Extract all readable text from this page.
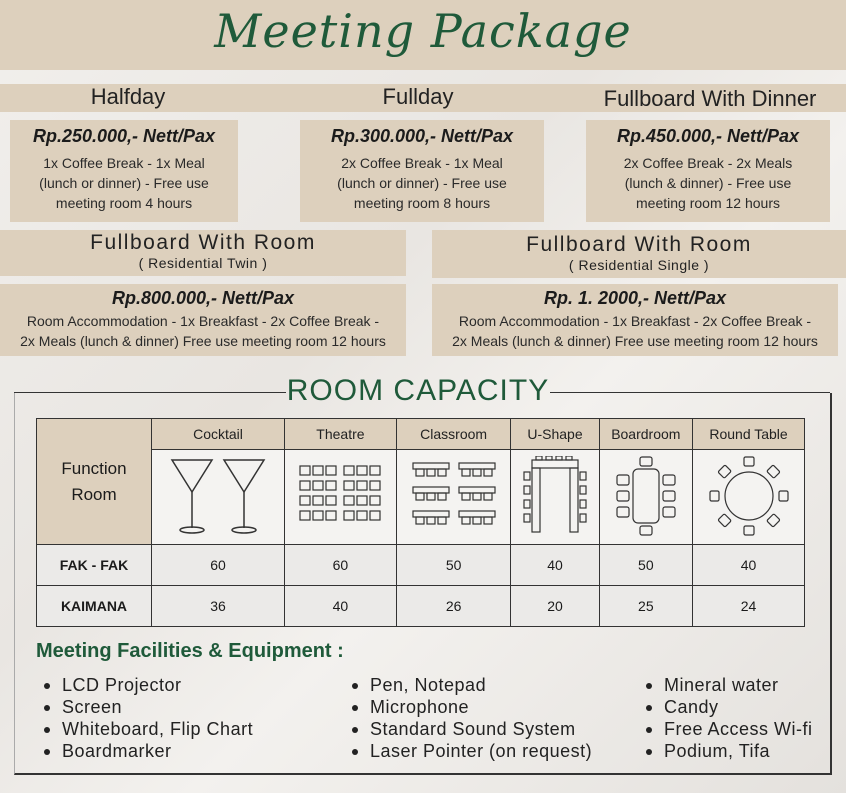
Meeting Package
Halfday	Fullday	Fullboard With Dinner
Rp.250.000,- Nett/Pax
1x Coffee Break - 1x Meal
(lunch or dinner) - Free use
meeting room 4 hours
Rp.300.000,- Nett/Pax
2x Coffee Break - 1x Meal
(lunch or dinner) - Free use
meeting room 8 hours
Rp.450.000,- Nett/Pax
2x Coffee Break - 2x Meals
(lunch & dinner) - Free use
meeting room 12 hours
Fullboard With Room
( Residential Twin )
Fullboard With Room
( Residential Single )
Rp.800.000,- Nett/Pax
Room Accommodation - 1x Breakfast - 2x Coffee Break -
2x Meals (lunch & dinner) Free use meeting room 12 hours
Rp. 1. 2000,- Nett/Pax
Room Accommodation - 1x Breakfast - 2x Coffee Break -
2x Meals (lunch & dinner) Free use meeting room 12 hours
ROOM CAPACITY
Function
Room	Cocktail	Theatre	Classroom	U-Shape	Boardroom	Round Table

FAK - FAK	60	60	50	40	50	40
KAIMANA	36	40	26	20	25	24
Meeting Facilities & Equipment :
LCD Projector
Screen
Whiteboard, Flip Chart
Boardmarker
Pen, Notepad
Microphone
Standard Sound System
Laser Pointer (on request)
Mineral water
Candy
Free Access Wi-fi
Podium, Tifa
